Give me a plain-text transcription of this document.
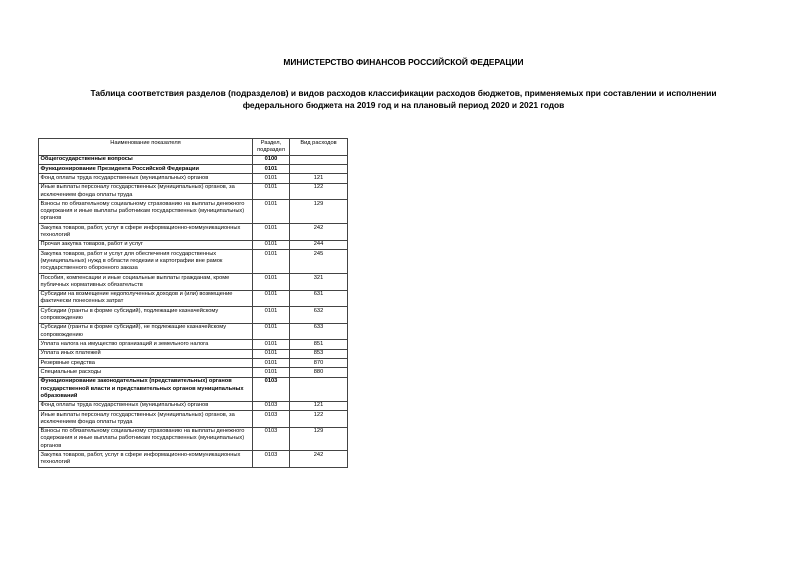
МИНИСТЕРСТВО ФИНАНСОВ РОССИЙСКОЙ ФЕДЕРАЦИИ
Таблица соответствия разделов (подразделов) и видов расходов классификации расходов бюджетов, применяемых при составлении и исполнении
федерального бюджета на 2019 год и на плановый период 2020 и 2021 годов
Наименование показателя	Раздел, подраздел	Вид расходов
Общегосударственные вопросы	0100	
Функционирование Президента Российской Федерации	0101	
Фонд оплаты труда государственных (муниципальных) органов	0101	121
Иные выплаты персоналу государственных (муниципальных) органов, за исключением фонда оплаты труда	0101	122
Взносы по обязательному социальному страхованию на выплаты денежного содержания и иные выплаты работникам государственных (муниципальных) органов	0101	129
Закупка товаров, работ, услуг в сфере информационно-коммуникационных технологий	0101	242
Прочая закупка товаров, работ и услуг	0101	244
Закупка товаров, работ и услуг для обеспечения государственных (муниципальных) нужд в области геодезии и картографии вне рамок государственного оборонного заказа	0101	245
Пособия, компенсации и иные социальные выплаты гражданам, кроме публичных нормативных обязательств	0101	321
Субсидии на возмещение недополученных доходов и (или) возмещение фактически понесенных затрат	0101	631
Субсидии (гранты в форме субсидий), подлежащие казначейскому сопровождению	0101	632
Субсидии (гранты в форме субсидий), не подлежащие казначейскому сопровождению	0101	633
Уплата налога на имущество организаций и земельного налога	0101	851
Уплата иных платежей	0101	853
Резервные средства	0101	870
Специальные расходы	0101	880
Функционирование законодательных (представительных) органов государственной власти и представительных органов муниципальных образований	0103	
Фонд оплаты труда государственных (муниципальных) органов	0103	121
Иные выплаты персоналу государственных (муниципальных) органов, за исключением фонда оплаты труда	0103	122
Взносы по обязательному социальному страхованию на выплаты денежного содержания и иные выплаты работникам государственных (муниципальных) органов	0103	129
Закупка товаров, работ, услуг в сфере информационно-коммуникационных технологий	0103	242
